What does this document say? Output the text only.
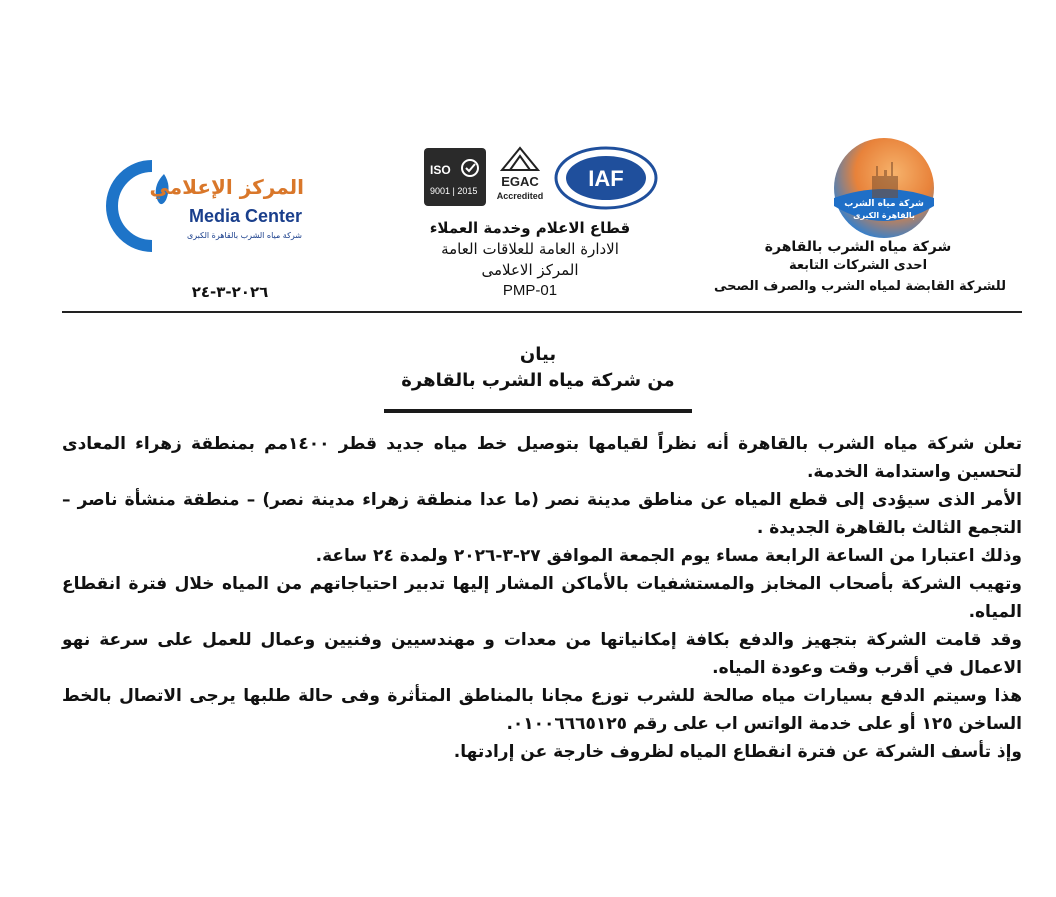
شركة مياه الشرب
بالقاهرة الكبرى
شركة مياه الشرب بالقاهرة
احدى الشركات التابعة
للشركة القابضة لمياه الشرب والصرف الصحى
ISO
9001 | 2015
EGAC
Accredited
IAF
قطاع الاعلام وخدمة العملاء
الادارة العامة للعلاقات العامة
المركز الاعلامى
PMP-01
المركز الإعلامي
Media Center
شركة مياه الشرب بالقاهرة الكبرى
٢٠٢٦-٣-٢٤
بيان
من شركة مياه الشرب بالقاهرة

تعلن شركة مياه الشرب بالقاهرة أنه نظراً لقيامها بتوصيل خط مياه جديد قطر ١٤٠٠مم بمنطقة زهراء المعادى لتحسين واستدامة الخدمة.

الأمر الذى سيؤدى إلى قطع المياه عن مناطق مدينة نصر (ما عدا منطقة زهراء مدينة نصر) – منطقة منشأة ناصر – التجمع الثالث بالقاهرة الجديدة .

وذلك اعتبارا من الساعة الرابعة مساء يوم الجمعة الموافق ٢٧-٣-٢٠٢٦ ولمدة ٢٤ ساعة.

وتهيب الشركة بأصحاب المخابز والمستشفيات بالأماكن المشار إليها تدبير احتياجاتهم من المياه خلال فترة انقطاع المياه.

وقد قامت الشركة بتجهيز والدفع بكافة إمكانياتها من معدات و مهندسيين وفنيين وعمال للعمل على سرعة نهو الاعمال في أقرب وقت وعودة المياه.

هذا وسيتم الدفع بسيارات مياه صالحة للشرب توزع مجانا بالمناطق المتأثرة وفى حالة طلبها يرجى الاتصال بالخط الساخن ١٢٥ أو على خدمة الواتس اب على رقم ٠١٠٠٦٦٦٥١٢٥.

وإذ تأسف الشركة عن فترة انقطاع المياه لظروف خارجة عن إرادتها.
